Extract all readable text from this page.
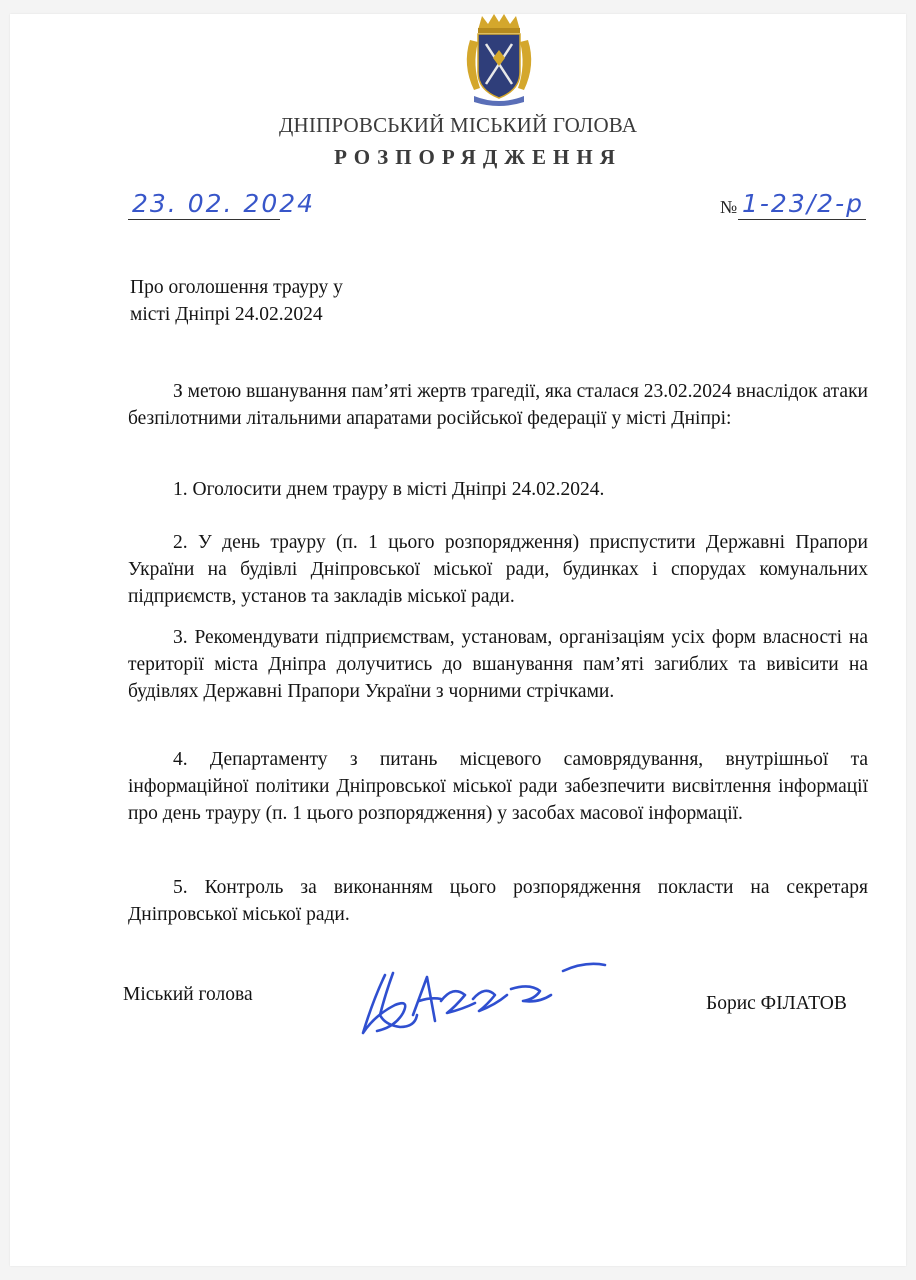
ДНІПРОВСЬКИЙ МІСЬКИЙ ГОЛОВА
РОЗПОРЯДЖЕННЯ
23. 02. 2024	№ 1-23/2-р
Про оголошення трауру у
місті Дніпрі 24.02.2024
З метою вшанування пам’яті жертв трагедії, яка сталася 23.02.2024 внаслідок атаки безпілотними літальними апаратами російської федерації у місті Дніпрі:
1. Оголосити днем трауру в місті Дніпрі 24.02.2024.
2. У день трауру (п. 1 цього розпорядження) приспустити Державні Прапори України на будівлі Дніпровської міської ради, будинках і спорудах комунальних підприємств, установ та закладів міської ради.
3. Рекомендувати підприємствам, установам, організаціям усіх форм власності на території міста Дніпра долучитись до вшанування пам’яті загиблих та вивісити на будівлях Державні Прапори України з чорними стрічками.
4. Департаменту з питань місцевого самоврядування, внутрішньої та інформаційної політики Дніпровської міської ради забезпечити висвітлення інформації про день трауру (п. 1 цього розпорядження) у засобах масової інформації.
5. Контроль за виконанням цього розпорядження покласти на секретаря Дніпровської міської ради.
Міський голова	Борис ФІЛАТОВ
